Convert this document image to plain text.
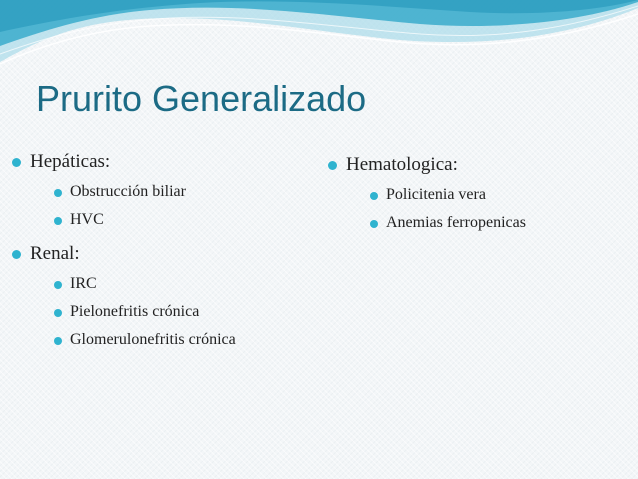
Prurito Generalizado
Hepáticas:
Obstrucción biliar
HVC
Renal:
IRC
Pielonefritis crónica
Glomerulonefritis crónica
Hematologica:
Policitenia vera
Anemias ferropenicas
